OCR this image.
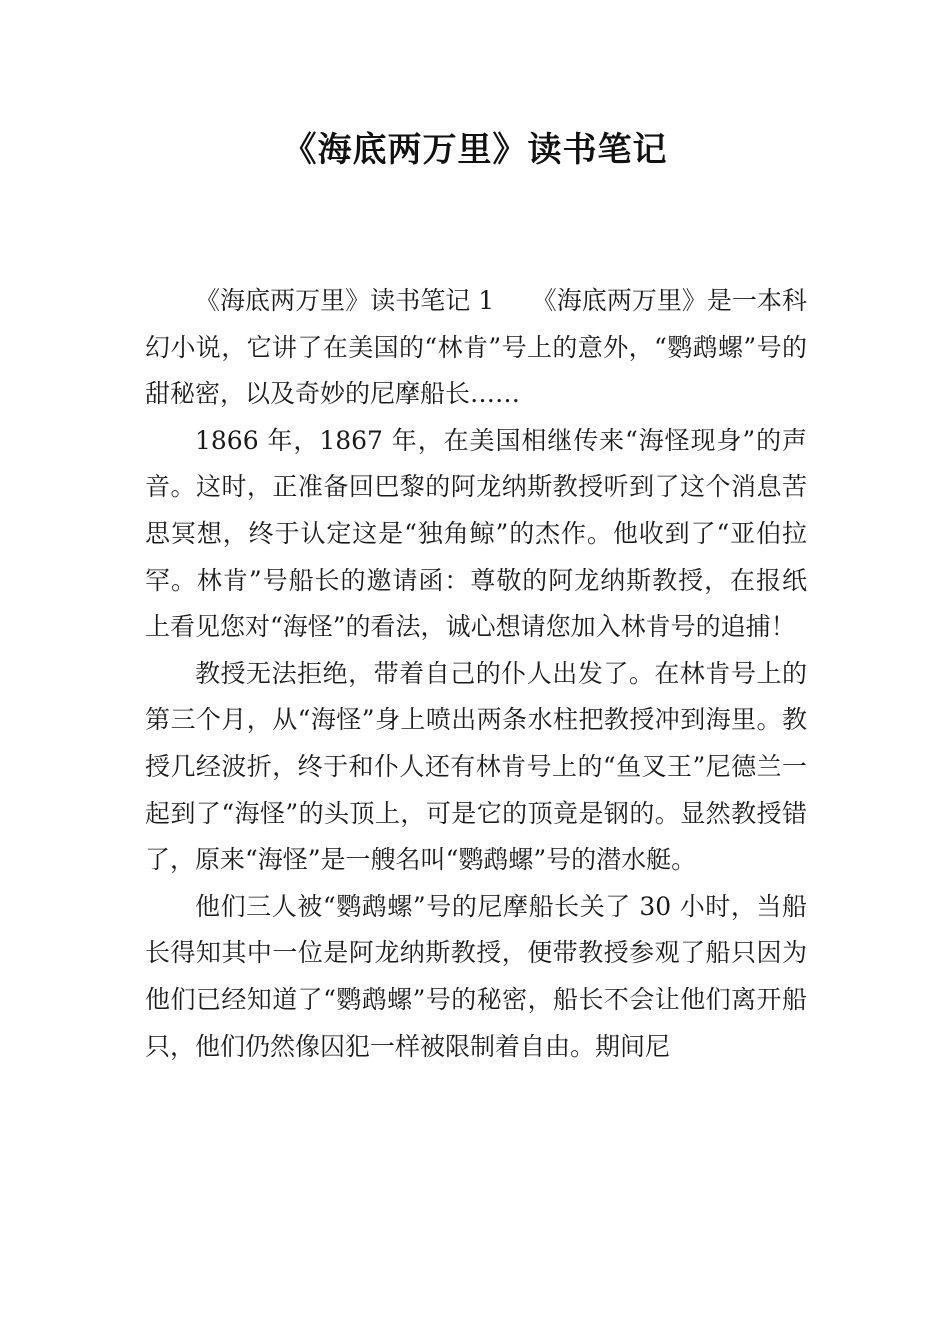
《海底两万里》读书笔记

《海底两万里》读书笔记 1　　《海底两万里》是一本科幻小说，它讲了在美国的“林肯”号上的意外，“鹦鹉螺”号的甜秘密，以及奇妙的尼摩船长……

1866 年，1867 年，在美国相继传来“海怪现身”的声音。这时，正准备回巴黎的阿龙纳斯教授听到了这个消息苦思冥想，终于认定这是“独角鲸”的杰作。他收到了“亚伯拉罕。林肯”号船长的邀请函：尊敬的阿龙纳斯教授，在报纸上看见您对“海怪”的看法，诚心想请您加入林肯号的追捕！

教授无法拒绝，带着自己的仆人出发了。在林肯号上的第三个月，从“海怪”身上喷出两条水柱把教授冲到海里。教授几经波折，终于和仆人还有林肯号上的“鱼叉王”尼德兰一起到了“海怪”的头顶上，可是它的顶竟是钢的。显然教授错了，原来“海怪”是一艘名叫“鹦鹉螺”号的潜水艇。

他们三人被“鹦鹉螺”号的尼摩船长关了 30 小时，当船长得知其中一位是阿龙纳斯教授，便带教授参观了船只因为他们已经知道了“鹦鹉螺”号的秘密，船长不会让他们离开船只，他们仍然像囚犯一样被限制着自由。期间尼
